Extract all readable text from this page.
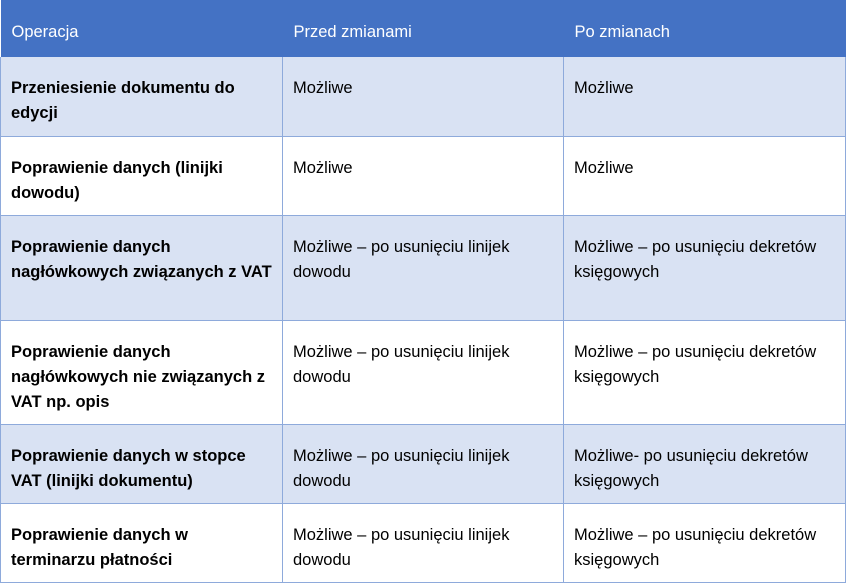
Operacja	Przed zmianami	Po zmianach
Przeniesienie dokumentu do edycji	Możliwe	Możliwe
Poprawienie danych (linijki dowodu)	Możliwe	Możliwe
Poprawienie danych nagłówkowych związanych z VAT	Możliwe – po usunięciu linijek dowodu	Możliwe – po usunięciu dekretów księgowych
Poprawienie danych nagłówkowych nie związanych z VAT np. opis	Możliwe – po usunięciu linijek dowodu	Możliwe – po usunięciu dekretów księgowych
Poprawienie danych w stopce VAT (linijki dokumentu)	Możliwe – po usunięciu linijek dowodu	Możliwe- po usunięciu dekretów księgowych
Poprawienie danych w terminarzu płatności	Możliwe – po usunięciu linijek dowodu	Możliwe – po usunięciu dekretów księgowych
